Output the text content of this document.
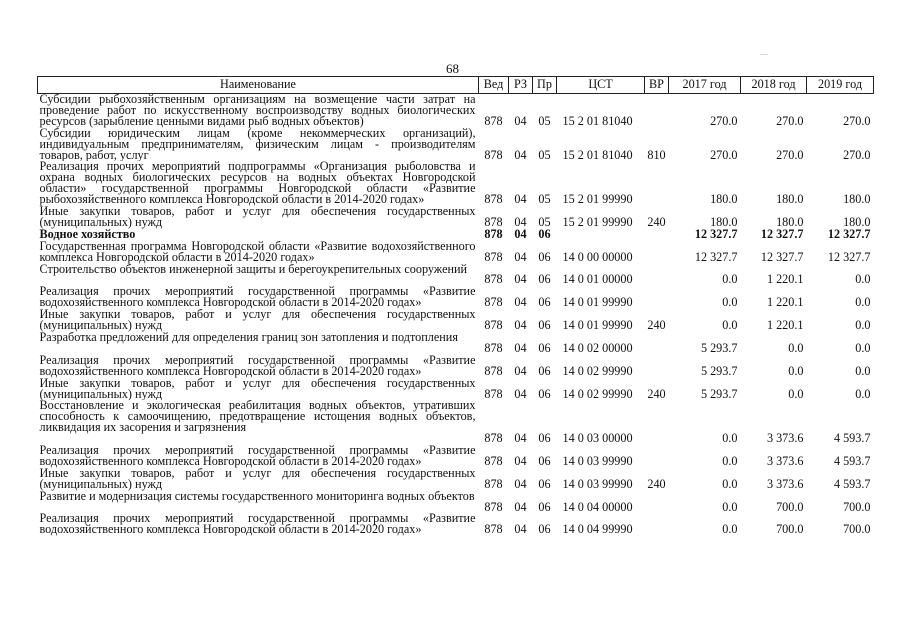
68
—
Наименование	Вед	РЗ	Пр	ЦСТ	ВР	2017 год	2018 год	2019 год
Субсидии рыбохозяйственным организациям на возмещение части затрат на проведение работ по искусственному воспроизводству водных биологических ресурсов (зарыбление ценными видами рыб водных объектов)	878	04	05	15 2 01 81040		270.0	270.0	270.0
Субсидии юридическим лицам (кроме некоммерческих организаций), индивидуальным предпринимателям, физическим лицам - производителям товаров, работ, услуг	878	04	05	15 2 01 81040	810	270.0	270.0	270.0
Реализация прочих мероприятий подпрограммы «Организация рыболовства и охрана водных биологических ресурсов на водных объектах Новгородской области» государственной программы Новгородской области «Развитие рыбохозяйственного комплекса Новгородской области в 2014-2020 годах»	878	04	05	15 2 01 99990		180.0	180.0	180.0
Иные закупки товаров, работ и услуг для обеспечения государственных (муниципальных) нужд	878	04	05	15 2 01 99990	240	180.0	180.0	180.0
Водное хозяйство	878	04	06			12 327.7	12 327.7	12 327.7
Государственная программа Новгородской области «Развитие водохозяйственного комплекса Новгородской области в 2014-2020 годах»	878	04	06	14 0 00 00000		12 327.7	12 327.7	12 327.7
Строительство объектов инженерной защиты и берегоукрепительных сооружений	878	04	06	14 0 01 00000		0.0	1 220.1	0.0
Реализация прочих мероприятий государственной программы «Развитие водохозяйственного комплекса Новгородской области в 2014-2020 годах»	878	04	06	14 0 01 99990		0.0	1 220.1	0.0
Иные закупки товаров, работ и услуг для обеспечения государственных (муниципальных) нужд	878	04	06	14 0 01 99990	240	0.0	1 220.1	0.0
Разработка предложений для определения границ зон затопления и подтопления	878	04	06	14 0 02 00000		5 293.7	0.0	0.0
Реализация прочих мероприятий государственной программы «Развитие водохозяйственного комплекса Новгородской области в 2014-2020 годах»	878	04	06	14 0 02 99990		5 293.7	0.0	0.0
Иные закупки товаров, работ и услуг для обеспечения государственных (муниципальных) нужд	878	04	06	14 0 02 99990	240	5 293.7	0.0	0.0
Восстановление и экологическая реабилитация водных объектов, утративших способность к самоочищению, предотвращение истощения водных объектов, ликвидация их засорения и загрязнения	878	04	06	14 0 03 00000		0.0	3 373.6	4 593.7
Реализация прочих мероприятий государственной программы «Развитие водохозяйственного комплекса Новгородской области в 2014-2020 годах»	878	04	06	14 0 03 99990		0.0	3 373.6	4 593.7
Иные закупки товаров, работ и услуг для обеспечения государственных (муниципальных) нужд	878	04	06	14 0 03 99990	240	0.0	3 373.6	4 593.7
Развитие и модернизация системы государственного мониторинга водных объектов	878	04	06	14 0 04 00000		0.0	700.0	700.0
Реализация прочих мероприятий государственной программы «Развитие водохозяйственного комплекса Новгородской области в 2014-2020 годах»	878	04	06	14 0 04 99990		0.0	700.0	700.0
